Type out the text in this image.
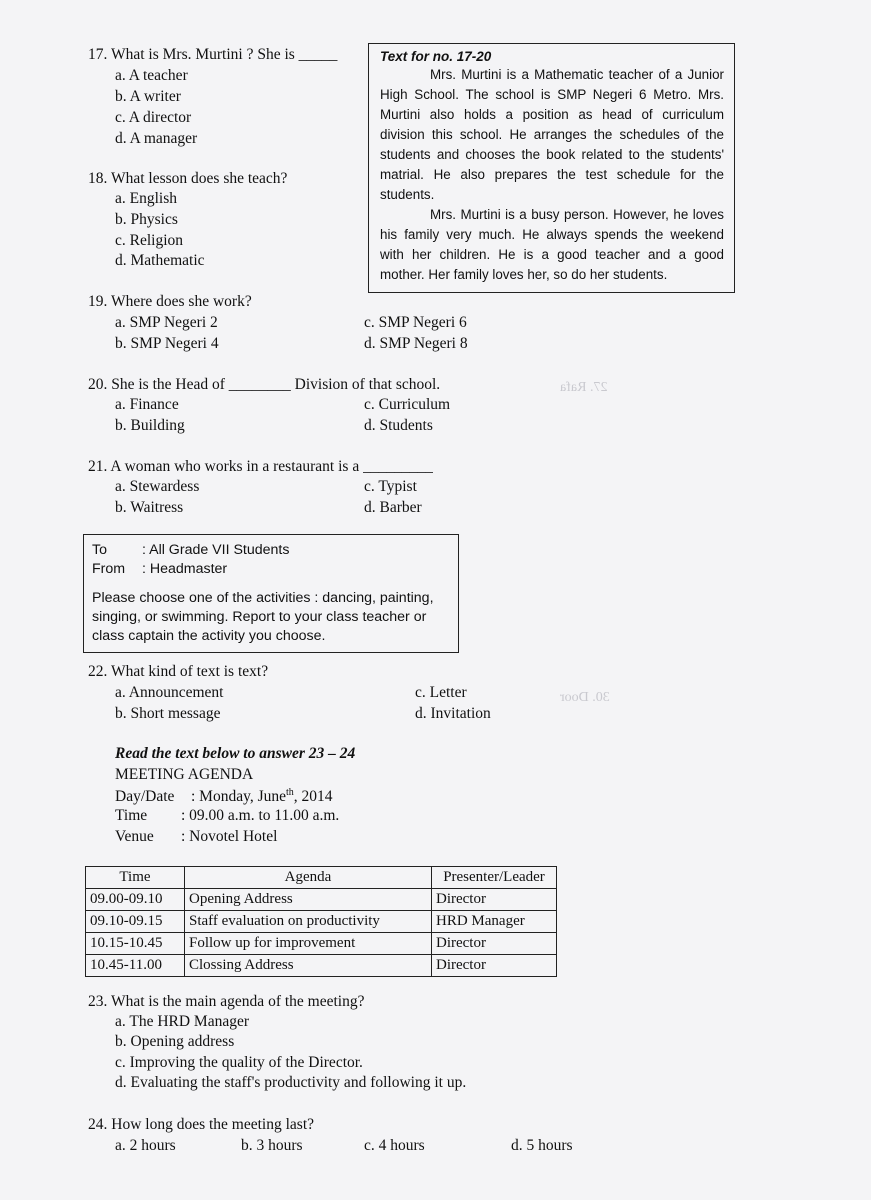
27. Rafa
30. Door
17. What is Mrs. Murtini ? She is _____
a. A teacher
b. A writer
c. A director
d. A manager
Text for no. 17-20

Mrs. Murtini is a Mathematic teacher of a Junior High School. The school is SMP Negeri 6 Metro. Mrs. Murtini also holds a position as head of curriculum division this school. He arranges the schedules of the students and chooses the book related to the students' matrial. He also prepares the test schedule for the students.

Mrs. Murtini is a busy person. However, he loves his family very much. He always spends the weekend with her children. He is a good teacher and a good mother. Her family loves her, so do her students.

18. What lesson does she teach?
a. English
b. Physics
c. Religion
d. Mathematic
19. Where does she work?
a. SMP Negeri 2
b. SMP Negeri 4
c. SMP Negeri 6
d. SMP Negeri 8
20. She is the Head of ________ Division of that school.
a. Finance
b. Building
c. Curriculum
d. Students
21. A woman who works in a restaurant is a _________
a. Stewardess
b. Waitress
c. Typist
d. Barber
To	: All Grade VII Students
From	: Headmaster
Please choose one of the activities : dancing, painting, singing, or swimming. Report to your class teacher or class captain the activity you choose.
22. What kind of text is text?
a. Announcement
b. Short message
c. Letter
d. Invitation
Read the text below to answer 23 – 24
MEETING AGENDA
Day/Date : Monday, June$^{th}$, 2014
Time : 09.00 a.m. to 11.00 a.m.
Venue : Novotel Hotel
Time	Agenda	Presenter/Leader
09.00-09.10	Opening Address	Director
09.10-09.15	Staff evaluation on productivity	HRD Manager
10.15-10.45	Follow up for improvement	Director
10.45-11.00	Clossing Address	Director
23. What is the main agenda of the meeting?
a. The HRD Manager
b. Opening address
c. Improving the quality of the Director.
d. Evaluating the staff's productivity and following it up.
24. How long does the meeting last?
a. 2 hours	b. 3 hours	c. 4 hours	d. 5 hours
